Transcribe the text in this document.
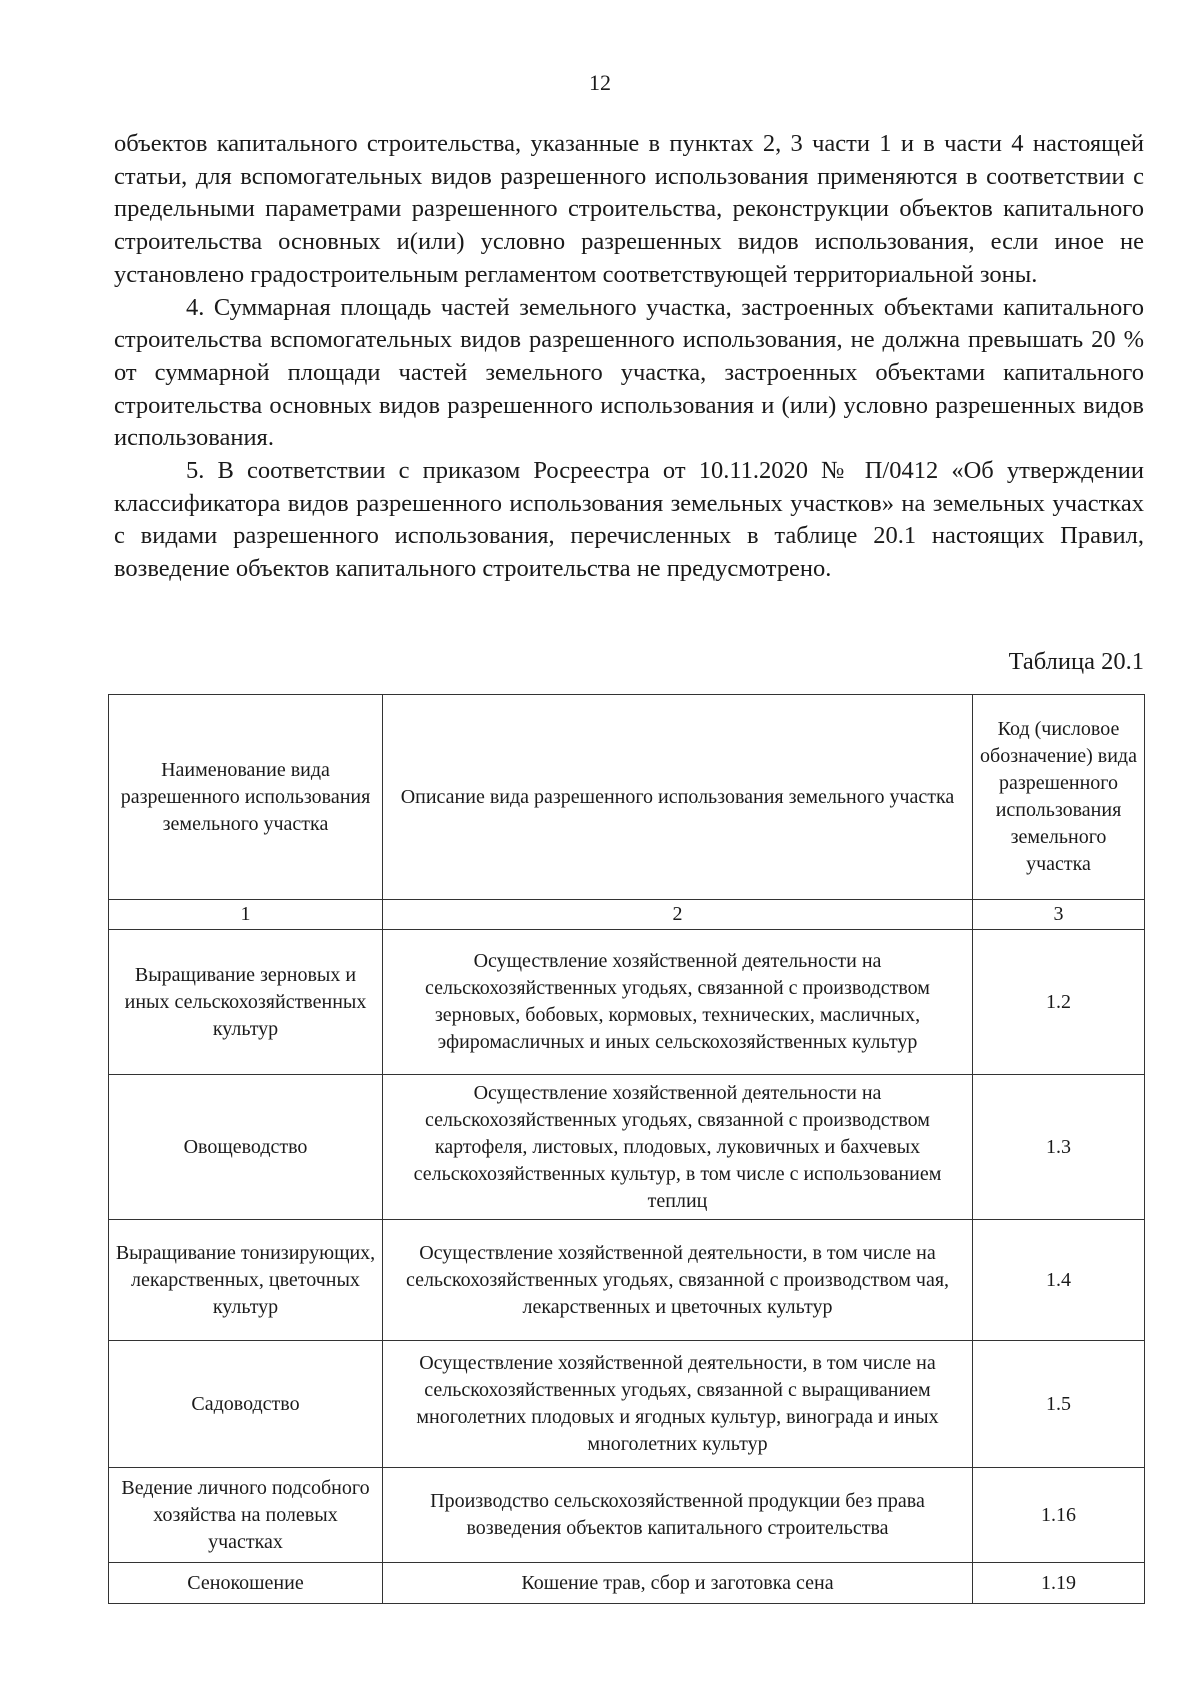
12

объектов капитального строительства, указанные в пунктах 2, 3 части 1 и в части 4 настоящей статьи, для вспомогательных видов разрешенного использования применяются в соответствии с предельными параметрами разрешенного строительства, реконструкции объектов капитального строительства основных и(или) условно разрешенных видов использования, если иное не установлено градостроительным регламентом соответствующей территориальной зоны.

4. Суммарная площадь частей земельного участка, застроенных объектами капитального строительства вспомогательных видов разрешенного использования, не должна превышать 20 % от суммарной площади частей земельного участка, застроенных объектами капитального строительства основных видов разрешенного использования и (или) условно разрешенных видов использования.

5. В соответствии с приказом Росреестра от 10.11.2020 № П/0412 «Об утверждении классификатора видов разрешенного использования земельных участков» на земельных участках с видами разрешенного использования, перечисленных в таблице 20.1 настоящих Правил, возведение объектов капитального строительства не предусмотрено.

Таблица 20.1
Наименование вида разрешенного использования земельного участка	Описание вида разрешенного использования земельного участка	Код (числовое обозначение) вида разрешенного использования земельного участка
1	2	3
Выращивание зерновых и иных сельскохозяйственных культур	Осуществление хозяйственной деятельности на сельскохозяйственных угодьях, связанной с производством зерновых, бобовых, кормовых, технических, масличных, эфиромасличных и иных сельскохозяйственных культур	1.2
Овощеводство	Осуществление хозяйственной деятельности на сельскохозяйственных угодьях, связанной с производством картофеля, листовых, плодовых, луковичных и бахчевых сельскохозяйственных культур, в том числе с использованием теплиц	1.3
Выращивание тонизирующих, лекарственных, цветочных культур	Осуществление хозяйственной деятельности, в том числе на сельскохозяйственных угодьях, связанной с производством чая, лекарственных и цветочных культур	1.4
Садоводство	Осуществление хозяйственной деятельности, в том числе на сельскохозяйственных угодьях, связанной с выращиванием многолетних плодовых и ягодных культур, винограда и иных многолетних культур	1.5
Ведение личного подсобного хозяйства на полевых участках	Производство сельскохозяйственной продукции без права возведения объектов капитального строительства	1.16
Сенокошение	Кошение трав, сбор и заготовка сена	1.19
